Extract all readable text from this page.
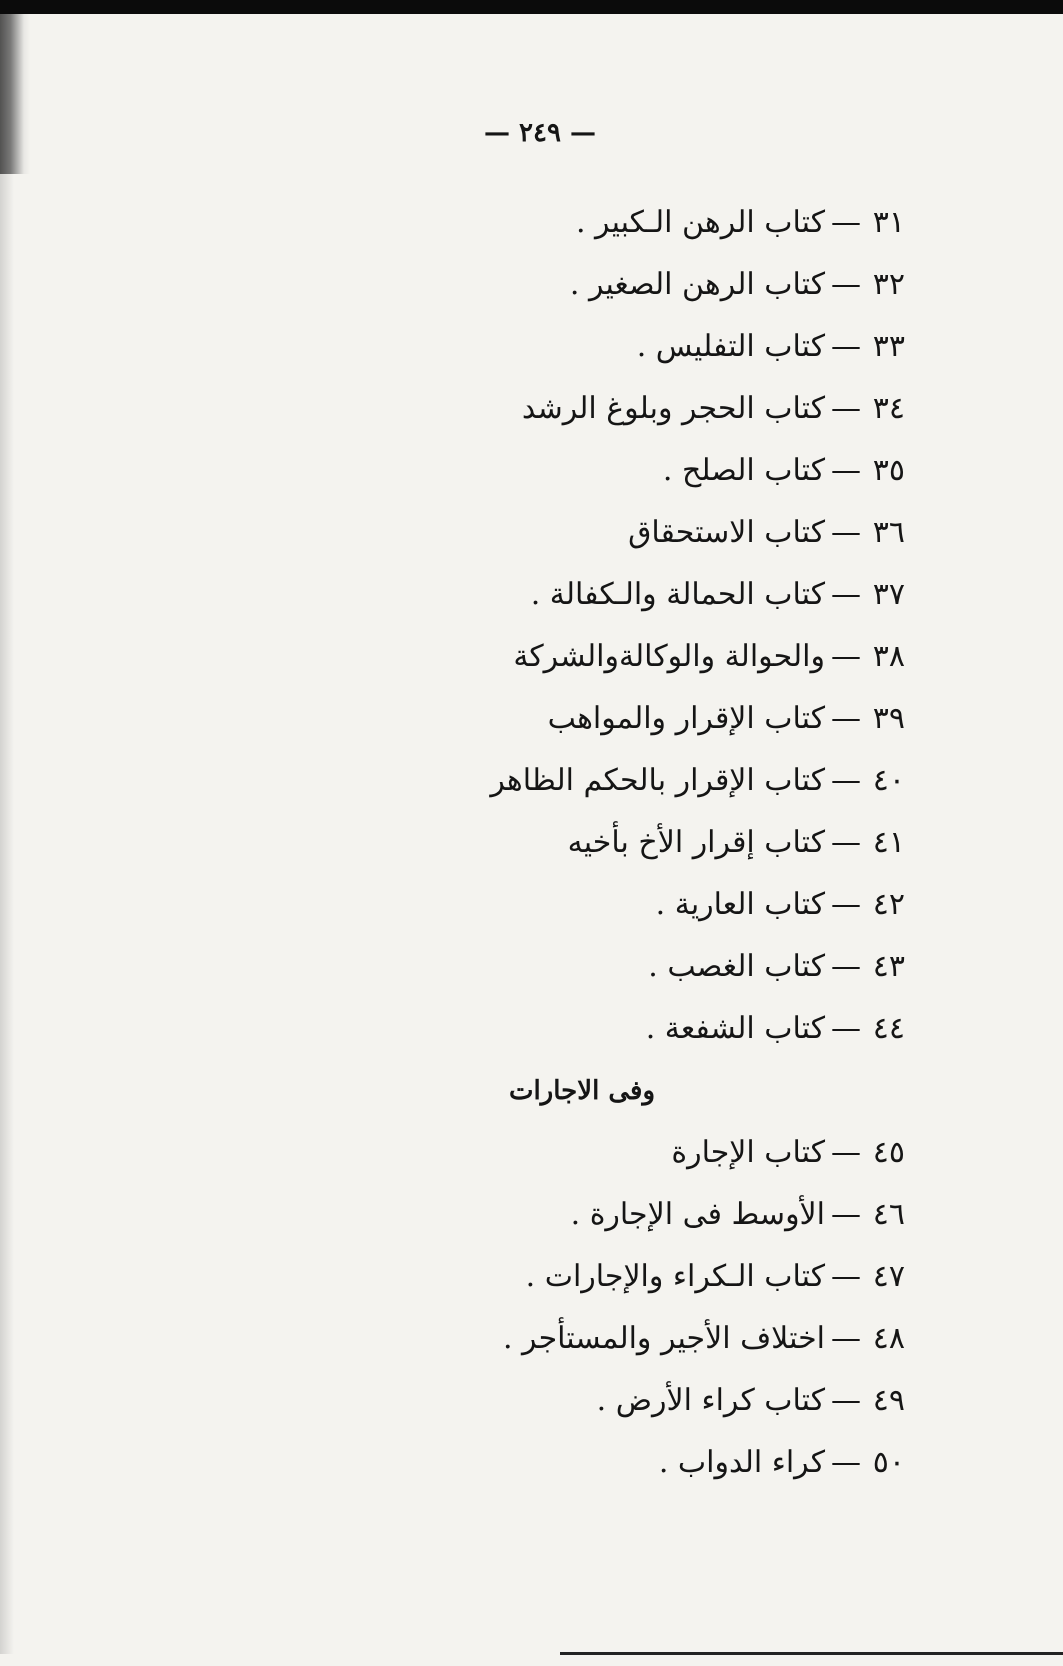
— ٢٤٩ —
٣١—كتاب الرهن الـكبير .
٣٢—كتاب الرهن الصغير .
٣٣—كتاب التفليس .
٣٤—كتاب الحجر وبلوغ الرشد
٣٥—كتاب الصلح .
٣٦—كتاب الاستحقاق
٣٧—كتاب الحمالة والـكفالة .
٣٨—والحوالة والوكالةوالشركة
٣٩—كتاب الإقرار والمواهب
٤٠—كتاب الإقرار بالحكم الظاهر
٤١—كتاب إقرار الأخ بأخيه
٤٢—كتاب العارية .
٤٣—كتاب الغصب .
٤٤—كتاب الشفعة .
وفى الاجارات
٤٥—كتاب الإجارة
٤٦—الأوسط فى الإجارة .
٤٧—كتاب الـكراء والإجارات .
٤٨—اختلاف الأجير والمستأجر .
٤٩—كتاب كراء الأرض .
٥٠—كراء الدواب .
